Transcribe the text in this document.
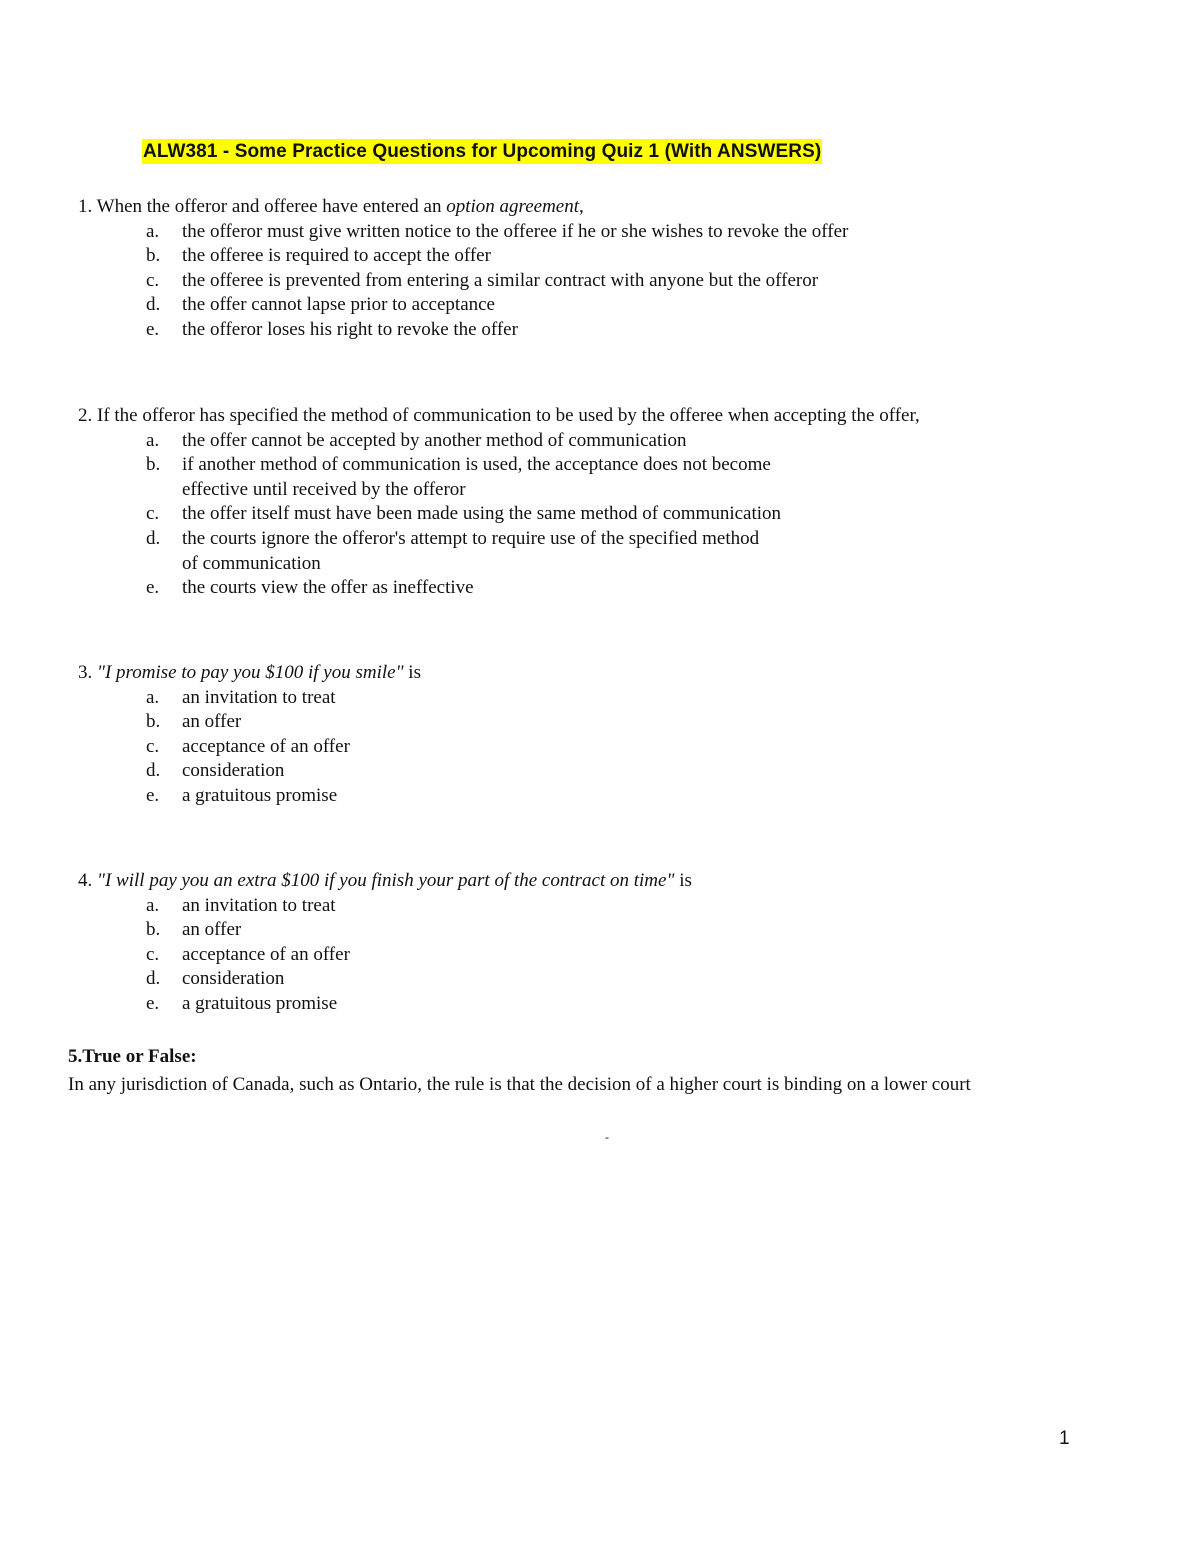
ALW381 - Some Practice Questions for Upcoming Quiz 1 (With ANSWERS)
1. When the offeror and offeree have entered an option agreement,
a.	the offeror must give written notice to the offeree if he or she wishes to revoke the offer
b.	the offeree is required to accept the offer
c.	the offeree is prevented from entering a similar contract with anyone but the offeror
d.	the offer cannot lapse prior to acceptance
e.	the offeror loses his right to revoke the offer
2. If the offeror has specified the method of communication to be used by the offeree when accepting the offer,
a.	the offer cannot be accepted by another method of communication
b.	if another method of communication is used, the acceptance does not become
effective until received by the offeror
c.	the offer itself must have been made using the same method of communication
d.	the courts ignore the offeror's attempt to require use of the specified method
of communication
e.	the courts view the offer as ineffective
3. "I promise to pay you $100 if you smile" is
a.	an invitation to treat
b.	an offer
c.	acceptance of an offer
d.	consideration
e.	a gratuitous promise
4. "I will pay you an extra $100 if you finish your part of the contract on time" is
a.	an invitation to treat
b.	an offer
c.	acceptance of an offer
d.	consideration
e.	a gratuitous promise
5.True or False:
In any jurisdiction of Canada, such as Ontario, the rule is that the decision of a higher court is binding on a lower court
-
1
